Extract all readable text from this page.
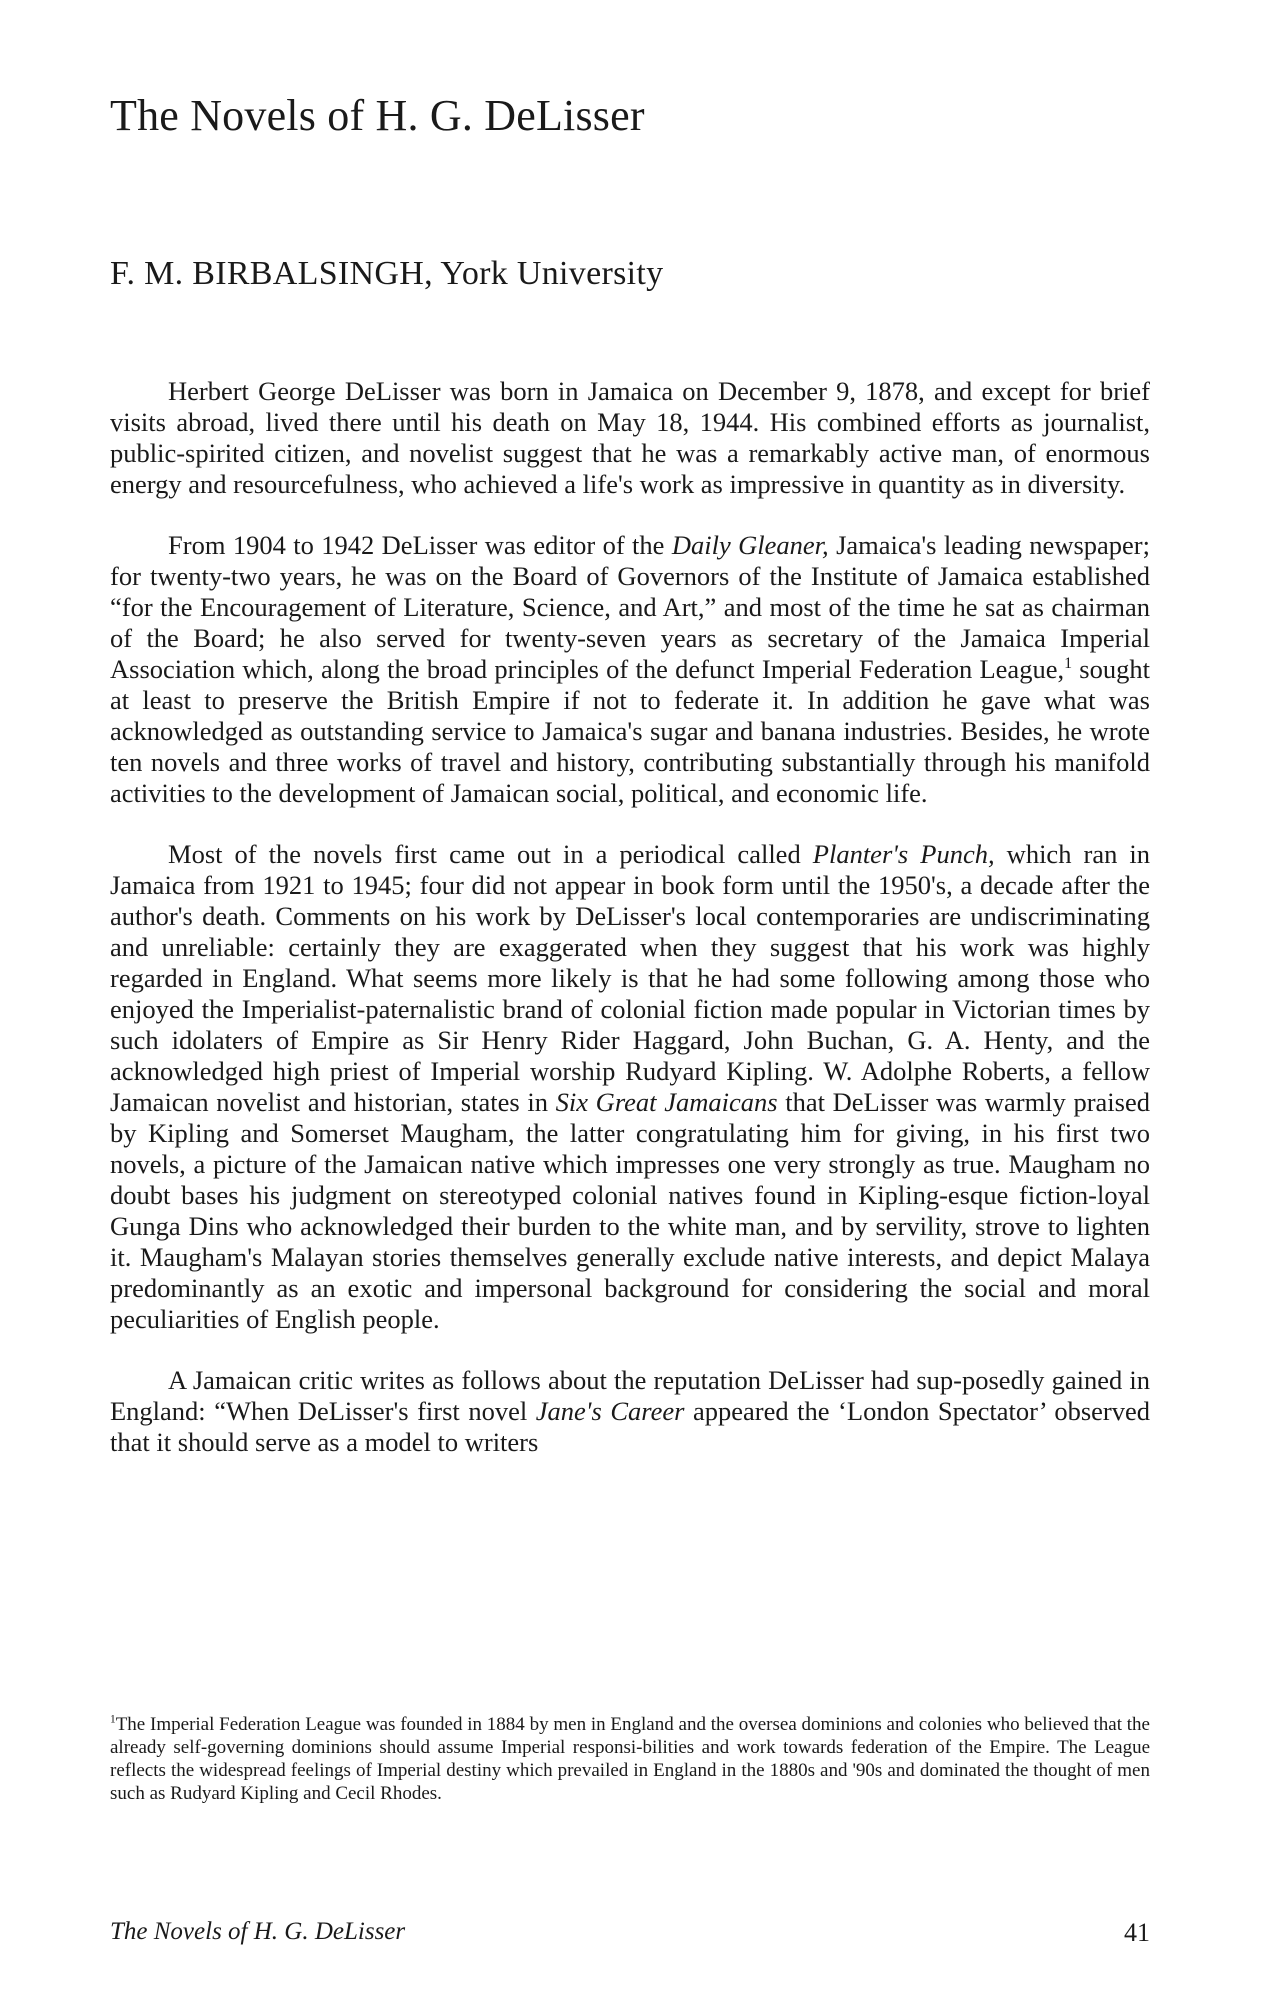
The Novels of H. G. DeLisser
F. M. BIRBALSINGH, York University

Herbert George DeLisser was born in Jamaica on December 9, 1878, and except for brief visits abroad, lived there until his death on May 18, 1944. His combined efforts as journalist, public-spirited citizen, and novelist suggest that he was a remarkably active man, of enormous energy and resourcefulness, who achieved a life's work as impressive in quantity as in diversity.

From 1904 to 1942 DeLisser was editor of the Daily Gleaner, Jamaica's leading newspaper; for twenty-two years, he was on the Board of Governors of the Institute of Jamaica established “for the Encouragement of Literature, Science, and Art,” and most of the time he sat as chairman of the Board; he also served for twenty-seven years as secretary of the Jamaica Imperial Association which, along the broad principles of the defunct Imperial Federation League,$^1$ sought at least to preserve the British Empire if not to federate it. In addition he gave what was acknowledged as outstanding service to Jamaica's sugar and banana industries. Besides, he wrote ten novels and three works of travel and history, contributing substantially through his manifold activities to the development of Jamaican social, political, and economic life.

Most of the novels first came out in a periodical called Planter's Punch, which ran in Jamaica from 1921 to 1945; four did not appear in book form until the 1950's, a decade after the author's death. Comments on his work by DeLisser's local contemporaries are undiscriminating and unreliable: certainly they are exaggerated when they suggest that his work was highly regarded in England. What seems more likely is that he had some following among those who enjoyed the Imperialist-paternalistic brand of colonial fiction made popular in Victorian times by such idolaters of Empire as Sir Henry Rider Haggard, John Buchan, G. A. Henty, and the acknowledged high priest of Imperial worship Rudyard Kipling. W. Adolphe Roberts, a fellow Jamaican novelist and historian, states in Six Great Jamaicans that DeLisser was warmly praised by Kipling and Somerset Maugham, the latter congratulating him for giving, in his first two novels, a picture of the Jamaican native which impresses one very strongly as true. Maugham no doubt bases his judgment on stereotyped colonial natives found in Kipling-esque fiction-loyal Gunga Dins who acknowledged their burden to the white man, and by servility, strove to lighten it. Maugham's Malayan stories themselves generally exclude native interests, and depict Malaya predominantly as an exotic and impersonal background for considering the social and moral peculiarities of English people.

A Jamaican critic writes as follows about the reputation DeLisser had sup-posedly gained in England: “When DeLisser's first novel Jane's Career appeared the ‘London Spectator’ observed that it should serve as a model to writers

$^1$The Imperial Federation League was founded in 1884 by men in England and the oversea dominions and colonies who believed that the already self-governing dominions should assume Imperial responsi-bilities and work towards federation of the Empire. The League reflects the widespread feelings of Imperial destiny which prevailed in England in the 1880s and '90s and dominated the thought of men such as Rudyard Kipling and Cecil Rhodes.

The Novels of H. G. DeLisser	41
